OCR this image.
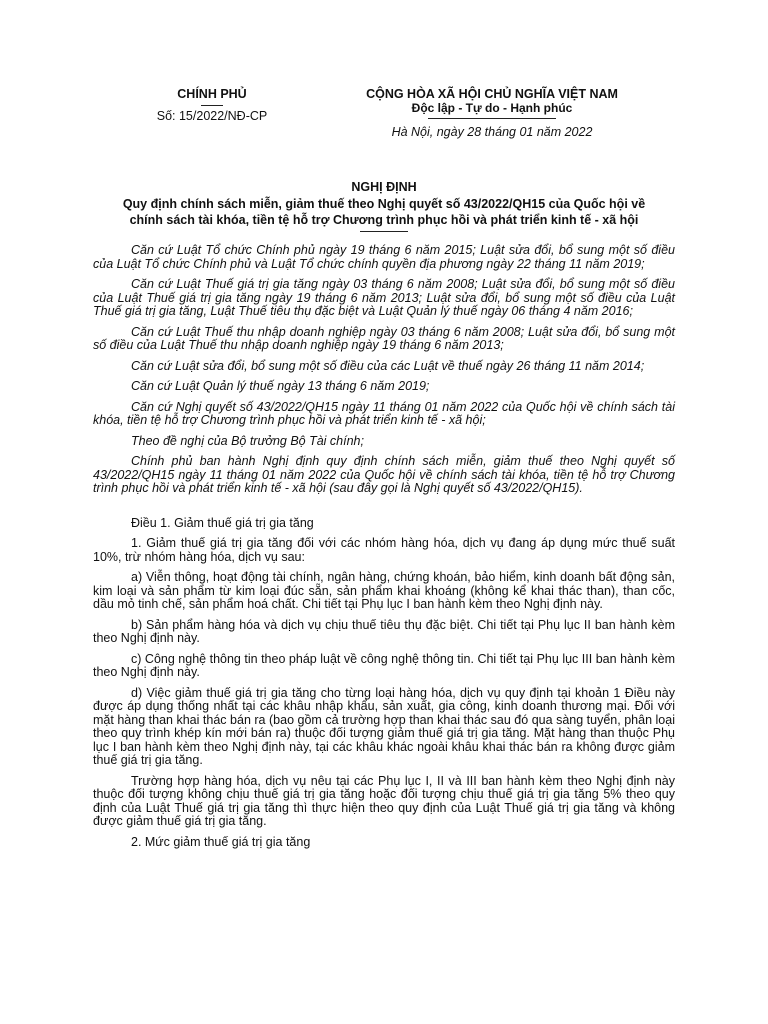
CHÍNH PHỦ
Số: 15/2022/NĐ-CP
CỘNG HÒA XÃ HỘI CHỦ NGHĨA VIỆT NAM
Độc lập - Tự do - Hạnh phúc
Hà Nội, ngày 28 tháng 01 năm 2022
NGHỊ ĐỊNH
Quy định chính sách miễn, giảm thuế theo Nghị quyết số 43/2022/QH15 của Quốc hội về chính sách tài khóa, tiền tệ hỗ trợ Chương trình phục hồi và phát triển kinh tế - xã hội

Căn cứ Luật Tổ chức Chính phủ ngày 19 tháng 6 năm 2015; Luật sửa đổi, bổ sung một số điều của Luật Tổ chức Chính phủ và Luật Tổ chức chính quyền địa phương ngày 22 tháng 11 năm 2019;

Căn cứ Luật Thuế giá trị gia tăng ngày 03 tháng 6 năm 2008; Luật sửa đổi, bổ sung một số điều của Luật Thuế giá trị gia tăng ngày 19 tháng 6 năm 2013; Luật sửa đổi, bổ sung một số điều của Luật Thuế giá trị gia tăng, Luật Thuế tiêu thụ đặc biệt và Luật Quản lý thuế ngày 06 tháng 4 năm 2016;

Căn cứ Luật Thuế thu nhập doanh nghiệp ngày 03 tháng 6 năm 2008; Luật sửa đổi, bổ sung một số điều của Luật Thuế thu nhập doanh nghiệp ngày 19 tháng 6 năm 2013;

Căn cứ Luật sửa đổi, bổ sung một số điều của các Luật về thuế ngày 26 tháng 11 năm 2014;

Căn cứ Luật Quản lý thuế ngày 13 tháng 6 năm 2019;

Căn cứ Nghị quyết số 43/2022/QH15 ngày 11 tháng 01 năm 2022 của Quốc hội về chính sách tài khóa, tiền tệ hỗ trợ Chương trình phục hồi và phát triển kinh tế - xã hội;

Theo đề nghị của Bộ trưởng Bộ Tài chính;

Chính phủ ban hành Nghị định quy định chính sách miễn, giảm thuế theo Nghị quyết số 43/2022/QH15 ngày 11 tháng 01 năm 2022 của Quốc hội về chính sách tài khóa, tiền tệ hỗ trợ Chương trình phục hồi và phát triển kinh tế - xã hội (sau đây gọi là Nghị quyết số 43/2022/QH15).

Điều 1. Giảm thuế giá trị gia tăng

1. Giảm thuế giá trị gia tăng đối với các nhóm hàng hóa, dịch vụ đang áp dụng mức thuế suất 10%, trừ nhóm hàng hóa, dịch vụ sau:

a) Viễn thông, hoạt động tài chính, ngân hàng, chứng khoán, bảo hiểm, kinh doanh bất động sản, kim loại và sản phẩm từ kim loại đúc sẵn, sản phẩm khai khoáng (không kể khai thác than), than cốc, dầu mỏ tinh chế, sản phẩm hoá chất. Chi tiết tại Phụ lục I ban hành kèm theo Nghị định này.

b) Sản phẩm hàng hóa và dịch vụ chịu thuế tiêu thụ đặc biệt. Chi tiết tại Phụ lục II ban hành kèm theo Nghị định này.

c) Công nghệ thông tin theo pháp luật về công nghệ thông tin. Chi tiết tại Phụ lục III ban hành kèm theo Nghị định này.

d) Việc giảm thuế giá trị gia tăng cho từng loại hàng hóa, dịch vụ quy định tại khoản 1 Điều này được áp dụng thống nhất tại các khâu nhập khẩu, sản xuất, gia công, kinh doanh thương mại. Đối với mặt hàng than khai thác bán ra (bao gồm cả trường hợp than khai thác sau đó qua sàng tuyển, phân loại theo quy trình khép kín mới bán ra) thuộc đối tượng giảm thuế giá trị gia tăng. Mặt hàng than thuộc Phụ lục I ban hành kèm theo Nghị định này, tại các khâu khác ngoài khâu khai thác bán ra không được giảm thuế giá trị gia tăng.

Trường hợp hàng hóa, dịch vụ nêu tại các Phụ lục I, II và III ban hành kèm theo Nghị định này thuộc đối tượng không chịu thuế giá trị gia tăng hoặc đối tượng chịu thuế giá trị gia tăng 5% theo quy định của Luật Thuế giá trị gia tăng thì thực hiện theo quy định của Luật Thuế giá trị gia tăng và không được giảm thuế giá trị gia tăng.

2. Mức giảm thuế giá trị gia tăng
